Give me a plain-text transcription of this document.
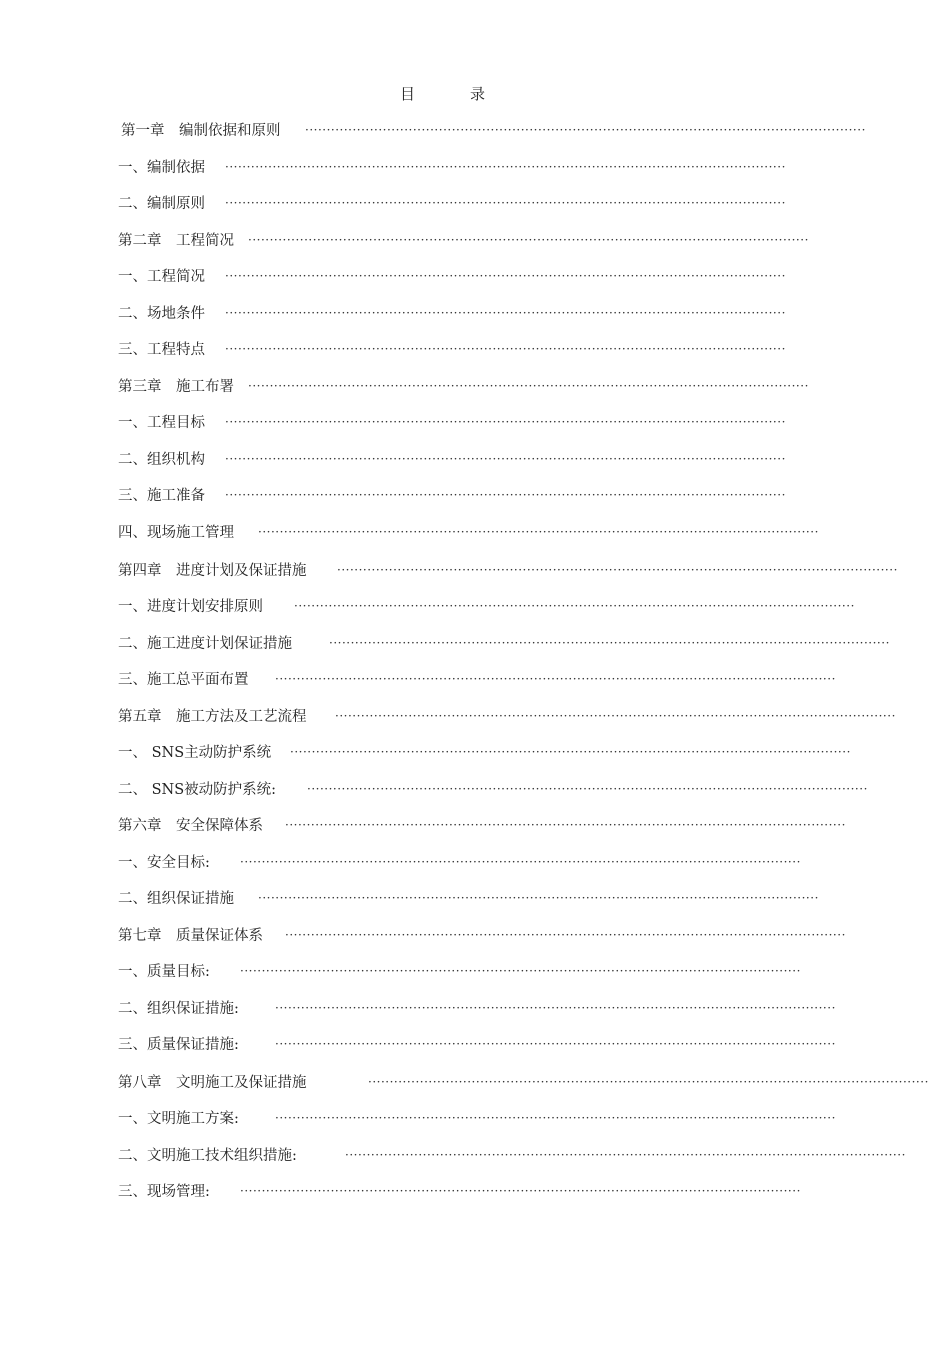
目　录
第一章　编制依据和原则 ··································································································································
一、编制依据 ··································································································································
二、编制原则 ··································································································································
第二章　工程简况 ··································································································································
一、工程简况 ··································································································································
二、场地条件 ··································································································································
三、工程特点 ··································································································································
第三章　施工布署 ··································································································································
一、工程目标 ··································································································································
二、组织机构 ··································································································································
三、施工准备 ··································································································································
四、现场施工管理 ··································································································································
第四章　进度计划及保证措施	··································································································································
一、进度计划安排原则	··································································································································
二、施工进度计划保证措施	··································································································································
三、施工总平面布置 ··································································································································
第五章　施工方法及工艺流程 ··································································································································
一、 SNS主动防护系统 ··································································································································
二、 SNS被动防护系统:	··································································································································
第六章　安全保障体系 ··································································································································
一、安全目标:	··································································································································
二、组织保证措施 ··································································································································
第七章　质量保证体系 ··································································································································
一、质量目标:	··································································································································
二、组织保证措施:	··································································································································
三、质量保证措施:	··································································································································
第八章　文明施工及保证措施	··································································································································
一、文明施工方案:	··································································································································
二、文明施工技术组织措施:	··································································································································
三、现场管理:	··································································································································
